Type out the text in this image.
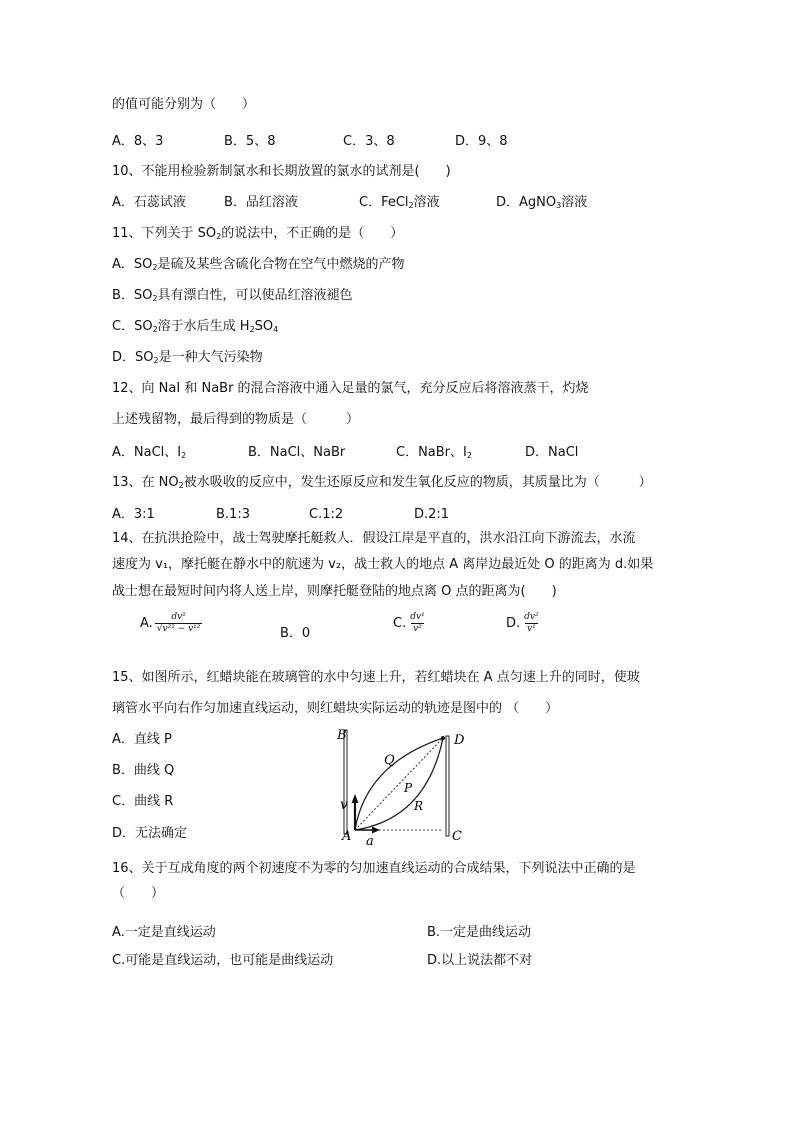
的值可能分别为（　　）
A．8、3	B．5、8	C．3、8	D．9、8
10、不能用检验新制氯水和长期放置的氯水的试剂是(　　)
A．石蕊试液	B．品红溶液	C．FeCl$_2$溶液	D．AgNO$_3$溶液
11、下列关于 $SO_2$的说法中，不正确的是（　　）
A．$SO_2$是硫及某些含硫化合物在空气中燃烧的产物
B．$SO_2$具有漂白性，可以使品红溶液褪色
C．$SO_2$溶于水后生成 $H_2SO_4$
D．$SO_2$是一种大气污染物
12、向 NaI 和 NaBr 的混合溶液中通入足量的氯气，充分反应后将溶液蒸干，灼烧
上述残留物，最后得到的物质是（　　　）
A．NaCl、$I_2$	B．NaCl、NaBr	C．NaBr、$I_2$	D．NaCl
13、在 $NO_2$被水吸收的反应中，发生还原反应和发生氧化反应的物质，其质量比为（　　　）
A．3:1	B.1:3	C.1:2	D.2:1
14、在抗洪抢险中，战士驾驶摩托艇救人．假设江岸是平直的，洪水沿江向下游流去，水流
速度为 v₁，摩托艇在静水中的航速为 v₂，战士救人的地点 A 离岸边最近处 O 的距离为 d.如果
战士想在最短时间内将人送上岸，则摩托艇登陆的地点离 O 点的距离为(　　)
A. $\frac{\text{dv²}}{\text{√v²² − v¹²}}$	B．0
C. $\frac{\text{dv¹}}{\text{v²}}$	D. $\frac{\text{dv²}}{\text{v¹}}$
15、如图所示，红蜡块能在玻璃管的水中匀速上升，若红蜡块在 A 点匀速上升的同时，使玻
璃管水平向右作匀加速直线运动，则红蜡块实际运动的轨迹是图中的 （　　）
A．直线 P
B．曲线 Q
C．曲线 R
D．无法确定
B	D
Q
P
R
v
A a	C
16、关于互成角度的两个初速度不为零的匀加速直线运动的合成结果，下列说法中正确的是
（　　）
A.一定是直线运动	B.一定是曲线运动
C.可能是直线运动，也可能是曲线运动	D.以上说法都不对
